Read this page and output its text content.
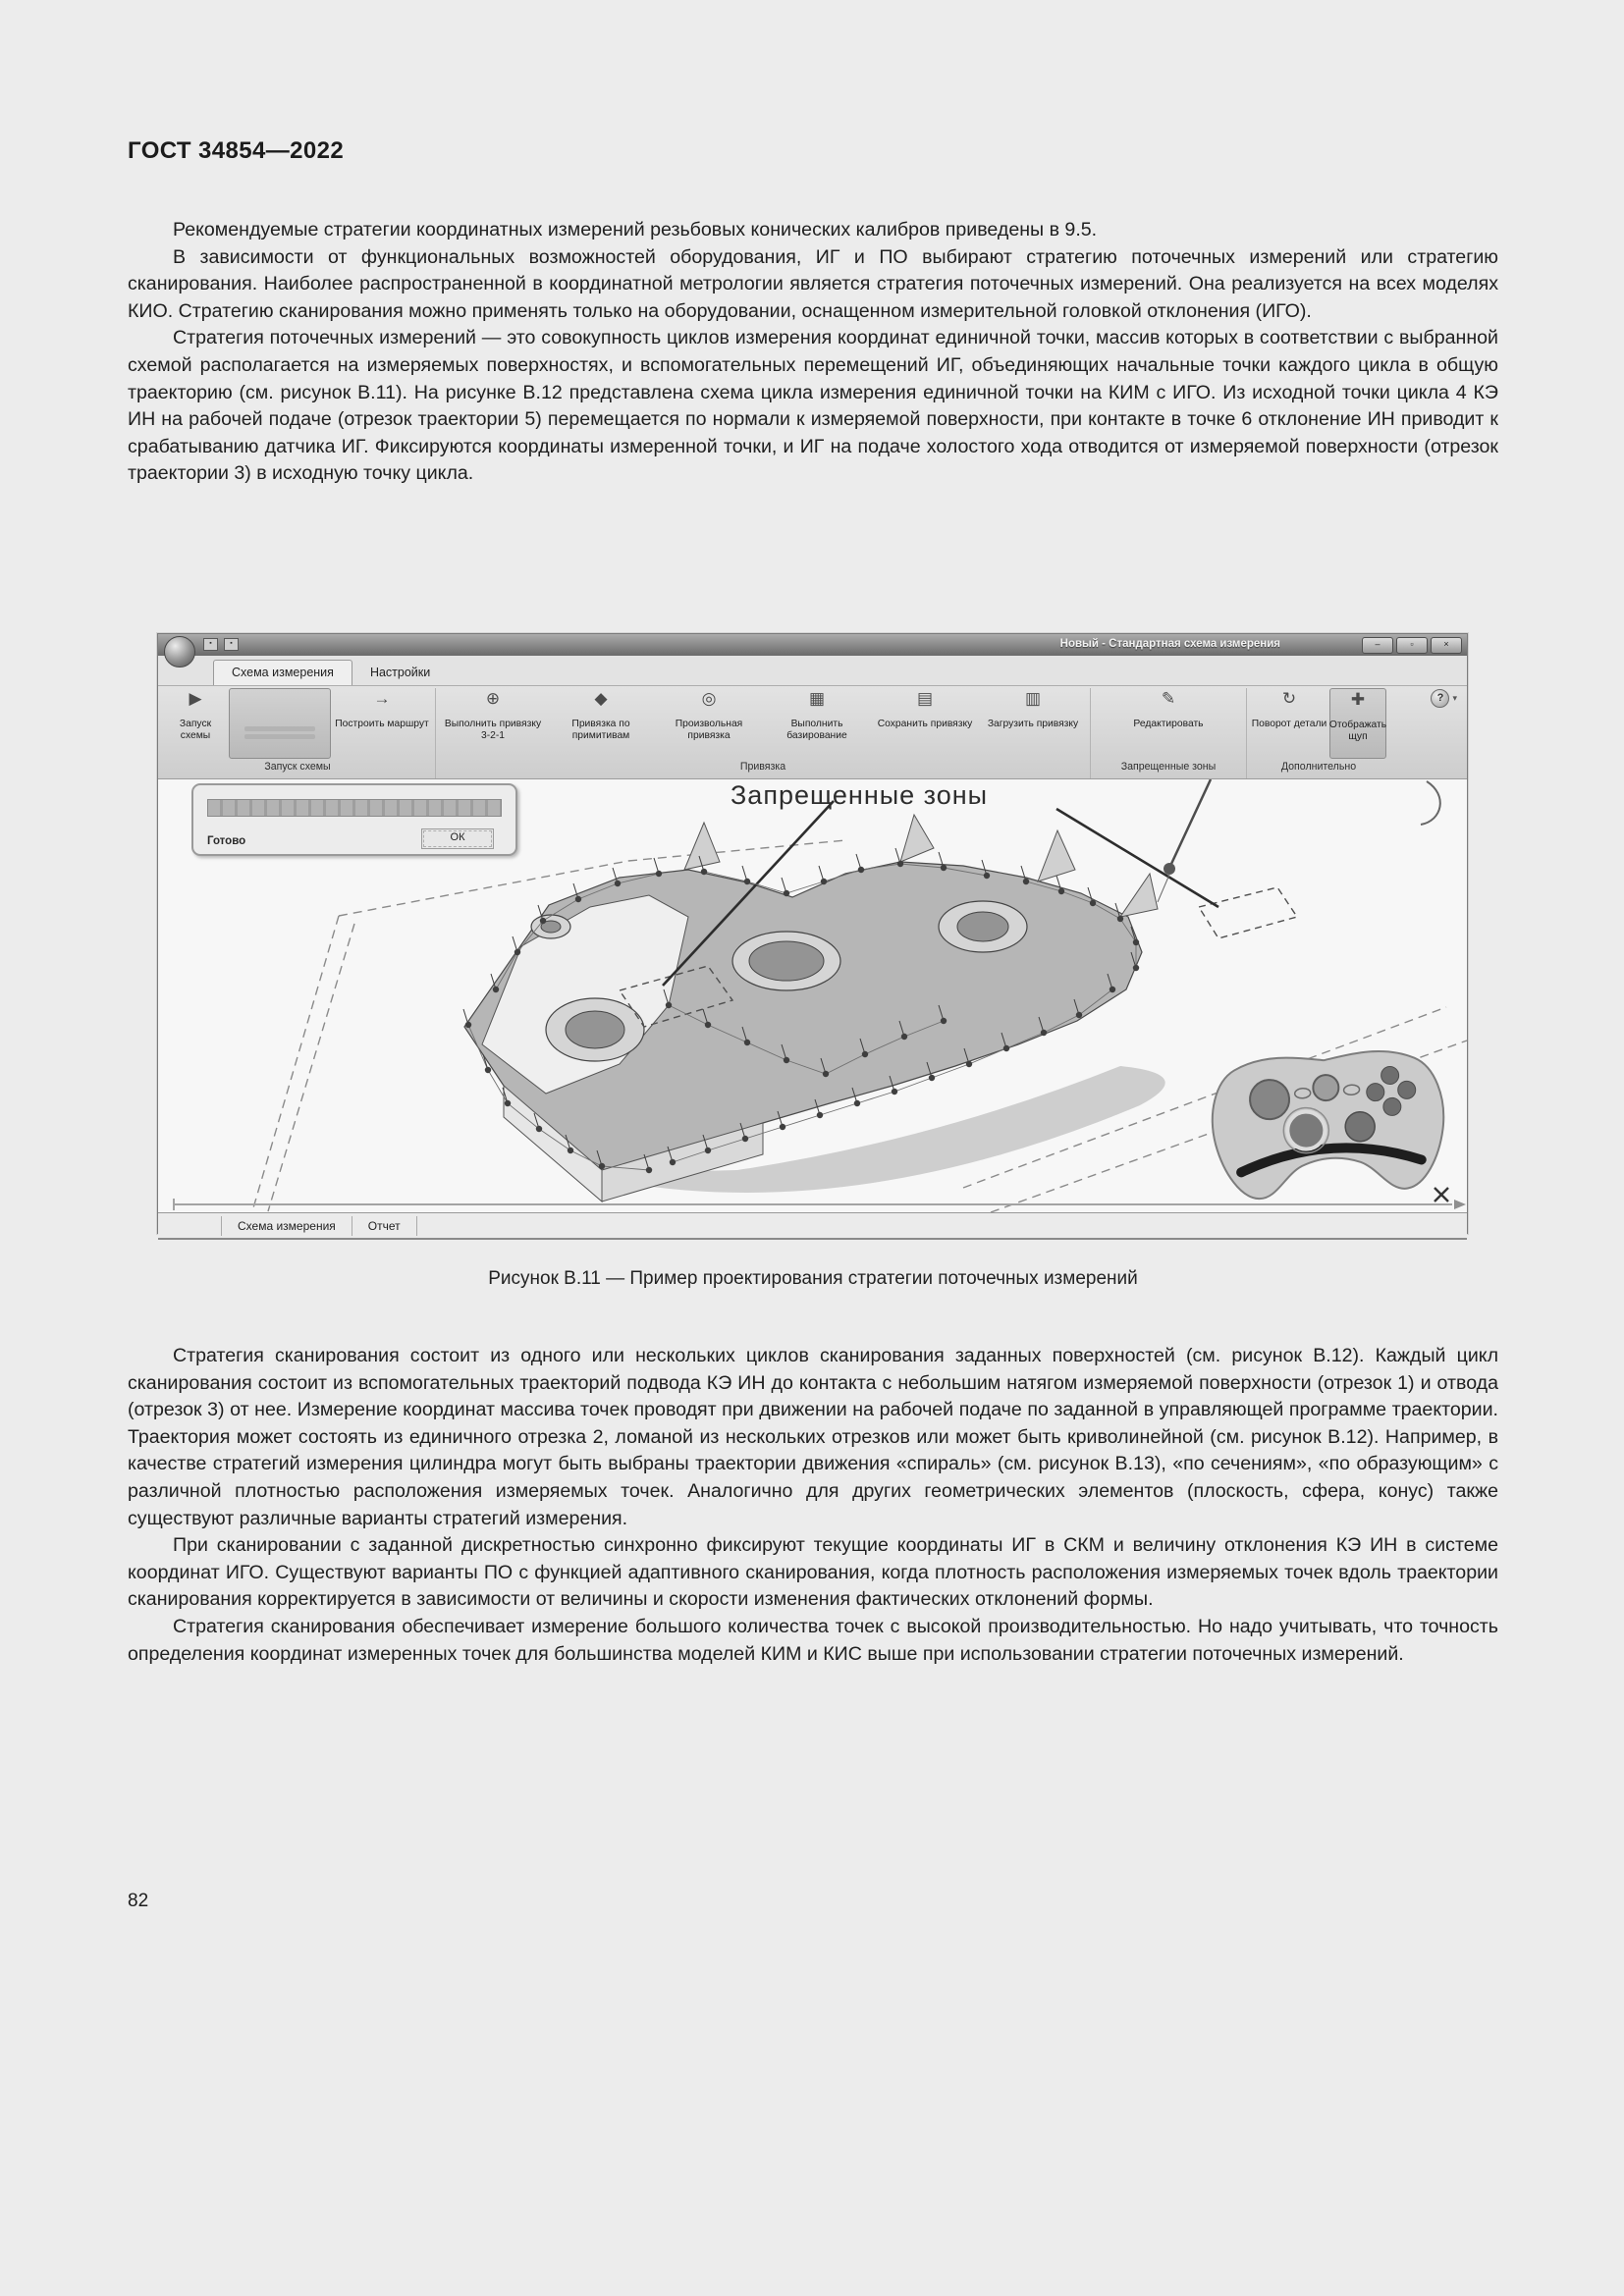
ГОСТ 34854—2022

Рекомендуемые стратегии координатных измерений резьбовых конических калибров приведены в 9.5.

В зависимости от функциональных возможностей оборудования, ИГ и ПО выбирают стратегию поточечных измерений или стратегию сканирования. Наиболее распространенной в координатной метрологии является стратегия поточечных измерений. Она реализуется на всех моделях КИО. Стратегию сканирования можно применять только на оборудовании, оснащенном измерительной головкой отклонения (ИГО).

Стратегия поточечных измерений — это совокупность циклов измерения координат единичной точки, массив которых в соответствии с выбранной схемой располагается на измеряемых поверхностях, и вспомогательных перемещений ИГ, объединяющих начальные точки каждого цикла в общую траекторию (см. рисунок В.11). На рисунке В.12 представлена схема цикла измерения единичной точки на КИМ с ИГО. Из исходной точки цикла 4 КЭ ИН на рабочей подаче (отрезок траектории 5) перемещается по нормали к измеряемой поверхности, при контакте в точке 6 отклонение ИН приводит к срабатыванию датчика ИГ. Фиксируются координаты измеренной точки, и ИГ на подаче холостого хода отводится от измеряемой поверхности (отрезок траектории 3) в исходную точку цикла.

▪	▪	Новый - Стандартная схема измерения	–	▫	×
Схема измерения	Настройки
?	▾
▶
Запуск схемы
→
Построить маршрут
Запуск схемы
⊕
Выполнить привязку 3-2-1
◆
Привязка по примитивам
◎
Произвольная привязка
▦
Выполнить базирование
▤
Сохранить привязку
▥
Загрузить привязку
Привязка
✎
Редактировать
Запрещенные зоны
↻
Поворот детали
✚
Отображать щуп
Дополнительно
Запрещенные зоны
Готово	ОК
Схема измерения	Отчет
Рисунок В.11 — Пример проектирования стратегии поточечных измерений

Стратегия сканирования состоит из одного или нескольких циклов сканирования заданных поверхностей (см. рисунок В.12). Каждый цикл сканирования состоит из вспомогательных траекторий подвода КЭ ИН до контакта с небольшим натягом измеряемой поверхности (отрезок 1) и отвода (отрезок 3) от нее. Измерение координат массива точек проводят при движении на рабочей подаче по заданной в управляющей программе траектории. Траектория может состоять из единичного отрезка 2, ломаной из нескольких отрезков или может быть криволинейной (см. рисунок В.12). Например, в качестве стратегий измерения цилиндра могут быть выбраны траектории движения «спираль» (см. рисунок В.13), «по сечениям», «по образующим» с различной плотностью расположения измеряемых точек. Аналогично для других геометрических элементов (плоскость, сфера, конус) также существуют различные варианты стратегий измерения.

При сканировании с заданной дискретностью синхронно фиксируют текущие координаты ИГ в СКМ и величину отклонения КЭ ИН в системе координат ИГО. Существуют варианты ПО с функцией адаптивного сканирования, когда плотность расположения измеряемых точек вдоль траектории сканирования корректируется в зависимости от величины и скорости изменения фактических отклонений формы.

Стратегия сканирования обеспечивает измерение большого количества точек с высокой производительностью. Но надо учитывать, что точность определения координат измеренных точек для большинства моделей КИМ и КИС выше при использовании стратегии поточечных измерений.

82
